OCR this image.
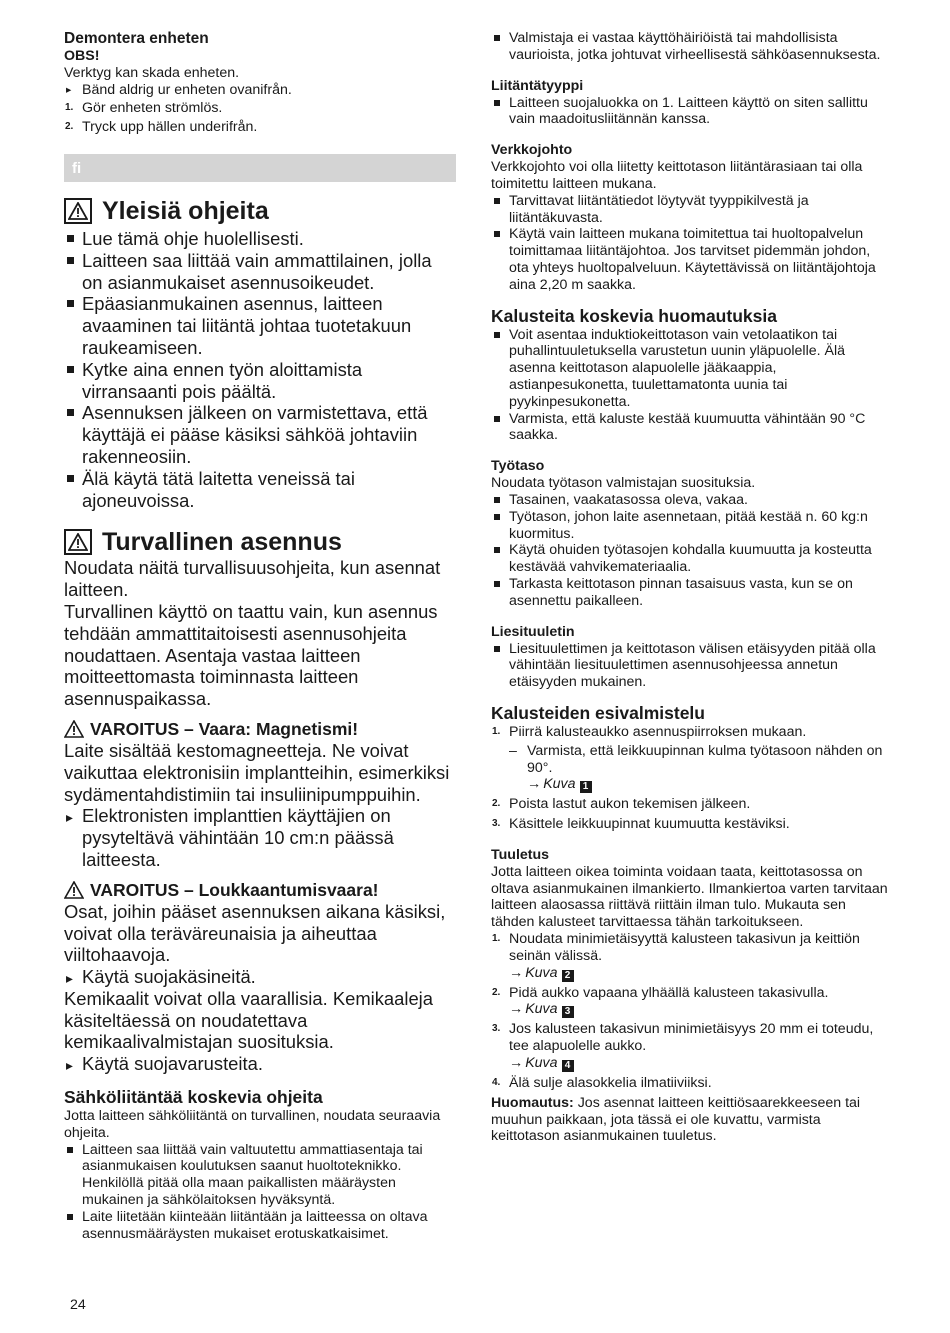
Demontera enheten

OBS!

Verktyg kan skada enheten.

▸ Bänd aldrig ur enheten ovanifrån.
1. Gör enheten strömlös.
2. Tryck upp hällen underifrån.
fi
Yleisiä ohjeita
Lue tämä ohje huolellisesti.
Laitteen saa liittää vain ammattilainen, jolla on asianmukaiset asennusoikeudet.
Epäasianmukainen asennus, laitteen avaaminen tai liitäntä johtaa tuotetakuun raukeamiseen.
Kytke aina ennen työn aloittamista virransaanti pois päältä.
Asennuksen jälkeen on varmistettava, että käyttäjä ei pääse käsiksi sähköä johtaviin rakenneosiin.
Älä käytä tätä laitetta veneissä tai ajoneuvoissa.
Turvallinen asennus

Noudata näitä turvallisuusohjeita, kun asennat laitteen.

Turvallinen käyttö on taattu vain, kun asennus tehdään ammattitaitoisesti asennusohjeita noudattaen. Asentaja vastaa laitteen moitteettomasta toiminnasta laitteen asennuspaikassa.

VAROITUS – Vaara: Magnetismi!

Laite sisältää kestomagneetteja. Ne voivat vaikuttaa elektronisiin implantteihin, esimerkiksi sydämentahdistimiin tai insuliinipumppuihin.

▸ Elektronisten implanttien käyttäjien on pysyteltävä vähintään 10 cm:n päässä laitteesta.
VAROITUS – Loukkaantumisvaara!

Osat, joihin pääset asennuksen aikana käsiksi, voivat olla teräväreunaisia ja aiheuttaa viiltohaavoja.

▸ Käytä suojakäsineitä.

Kemikaalit voivat olla vaarallisia. Kemikaaleja käsiteltäessä on noudatettava kemikaalivalmistajan suosituksia.

▸ Käytä suojavarusteita.
Sähköliitäntää koskevia ohjeita

Jotta laitteen sähköliitäntä on turvallinen, noudata seuraavia ohjeita.

Laitteen saa liittää vain valtuutettu ammattiasentaja tai asianmukaisen koulutuksen saanut huoltoteknikko. Henkilöllä pitää olla maan paikallisten määräysten mukainen ja sähkölaitoksen hyväksyntä.
Laite liitetään kiinteään liitäntään ja laitteessa on oltava asennusmääräysten mukaiset erotuskatkaisimet.
Valmistaja ei vastaa käyttöhäiriöistä tai mahdollisista vaurioista, jotka johtuvat virheellisestä sähköasennuksesta.
Liitäntätyyppi
Laitteen suojaluokka on 1. Laitteen käyttö on siten sallittu vain maadoitusliitännän kanssa.
Verkkojohto

Verkkojohto voi olla liitetty keittotason liitäntärasiaan tai olla toimitettu laitteen mukana.

Tarvittavat liitäntätiedot löytyvät tyyppikilvestä ja liitäntäkuvasta.
Käytä vain laitteen mukana toimitettua tai huoltopalvelun toimittamaa liitäntäjohtoa. Jos tarvitset pidemmän johdon, ota yhteys huoltopalveluun. Käytettävissä on liitäntäjohtoja aina 2,20 m saakka.
Kalusteita koskevia huomautuksia
Voit asentaa induktiokeittotason vain vetolaatikon tai puhallintuuletuksella varustetun uunin yläpuolelle. Älä asenna keittotason alapuolelle jääkaappia, astianpesukonetta, tuulettamatonta uunia tai pyykinpesukonetta.
Varmista, että kaluste kestää kuumuutta vähintään 90 °C saakka.
Työtaso

Noudata työtason valmistajan suosituksia.

Tasainen, vaakatasossa oleva, vakaa.
Työtason, johon laite asennetaan, pitää kestää n. 60 kg:n kuormitus.
Käytä ohuiden työtasojen kohdalla kuumuutta ja kosteutta kestävää vahvikemateriaalia.
Tarkasta keittotason pinnan tasaisuus vasta, kun se on asennettu paikalleen.
Liesituuletin
Liesituulettimen ja keittotason välisen etäisyyden pitää olla vähintään liesituulettimen asennusohjeessa annetun etäisyyden mukainen.
Kalusteiden esivalmistelu
1. Piirrä kalusteaukko asennuspiirroksen mukaan.
– Varmista, että leikkuupinnan kulma työtasoon nähden on 90°.
→ Kuva 1
2. Poista lastut aukon tekemisen jälkeen.
3. Käsittele leikkuupinnat kuumuutta kestäviksi.
Tuuletus

Jotta laitteen oikea toiminta voidaan taata, keittotasossa on oltava asianmukainen ilmankierto. Ilmankiertoa varten tarvitaan laitteen alaosassa riittävä riittäin ilman tulo. Mukauta sen tähden kalusteet tarvittaessa tähän tarkoitukseen.

1. Noudata minimietäisyyttä kalusteen takasivun ja keittiön seinän välissä.
→ Kuva 2
2. Pidä aukko vapaana ylhäällä kalusteen takasivulla.
→ Kuva 3
3. Jos kalusteen takasivun minimietäisyys 20 mm ei toteudu, tee alapuolelle aukko.
→ Kuva 4
4. Älä sulje alasokkelia ilmatiiviiksi.

Huomautus: Jos asennat laitteen keittiösaarekkeeseen tai muuhun paikkaan, jota tässä ei ole kuvattu, varmista keittotason asianmukainen tuuletus.

24
